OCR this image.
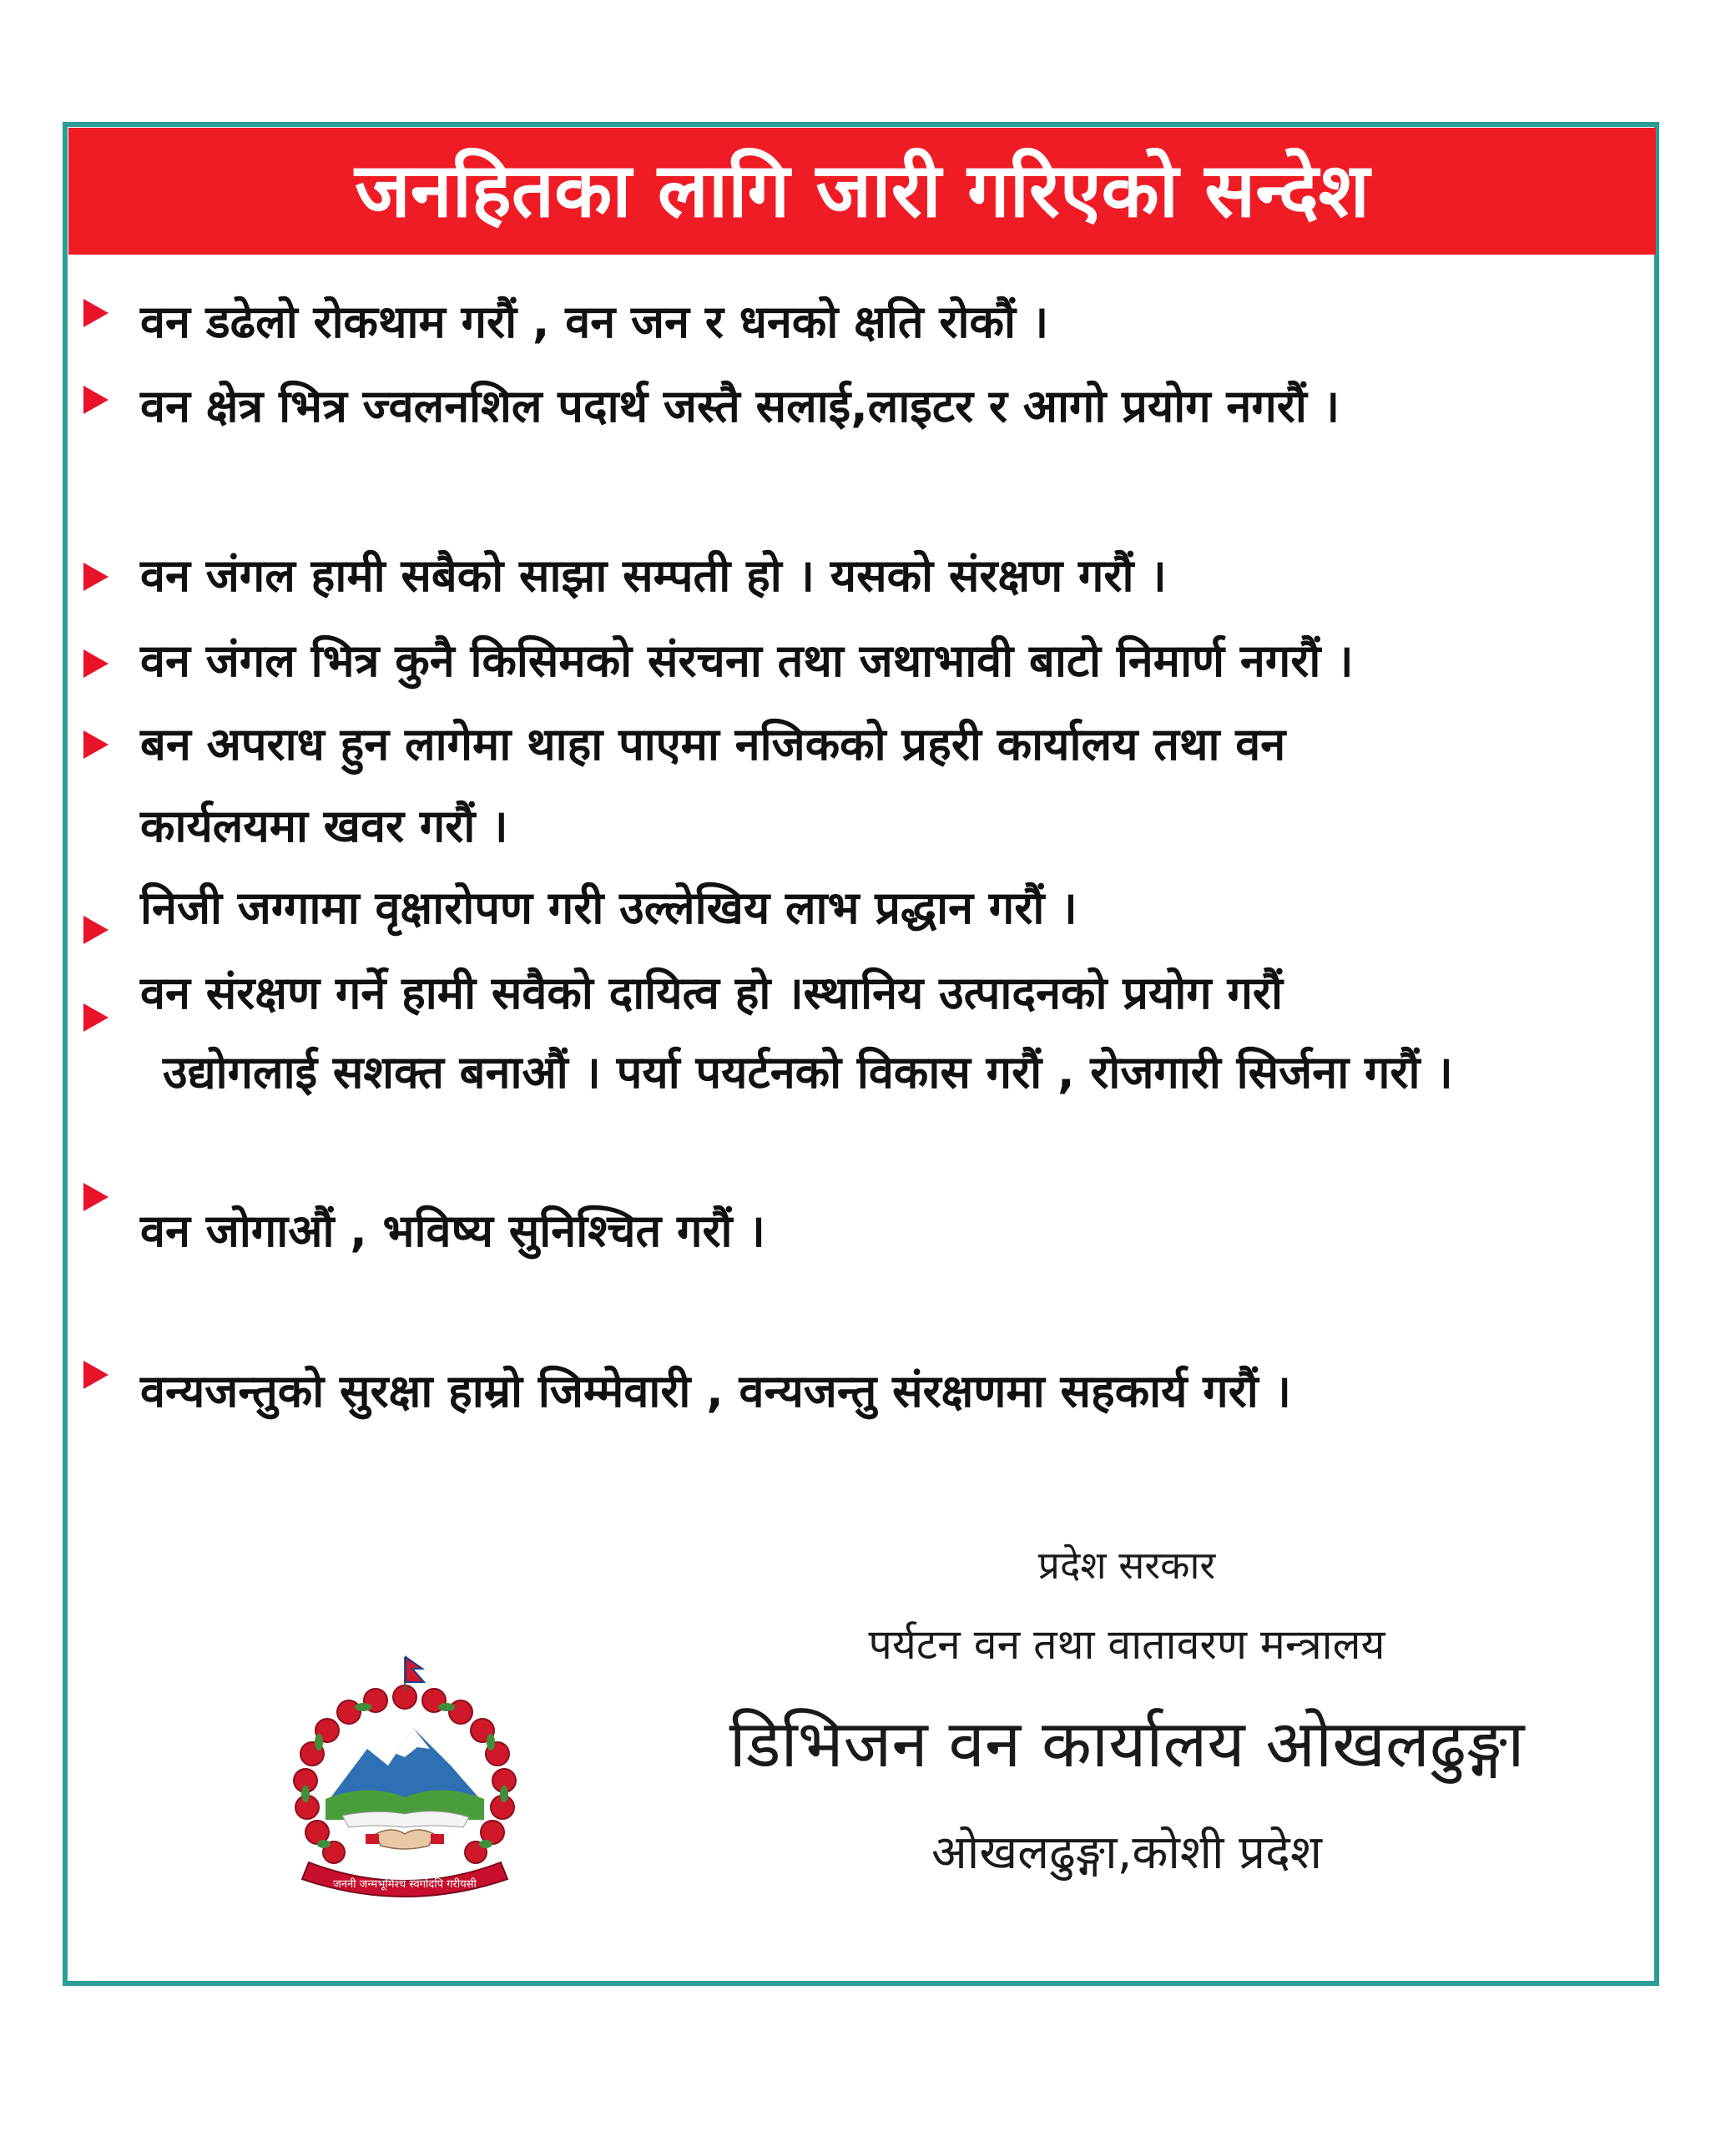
जनहितका लागि जारी गरिएको सन्देश
वन डढेलो रोकथाम गरौं , वन जन र धनको क्षति रोकौं ।
वन क्षेत्र भित्र ज्वलनशिल पदार्थ जस्तै सलाई,लाइटर र आगो प्रयोग नगरौं ।
वन जंगल हामी सबैको साझा सम्पती हो । यसको संरक्षण गरौं ।
वन जंगल भित्र कुनै किसिमको संरचना तथा जथाभावी बाटो निमार्ण नगरौं ।
बन अपराध हुन लागेमा थाहा पाएमा नजिकको प्रहरी कार्यालय तथा वन
कार्यलयमा खवर गरौं ।
निजी जग्गामा वृक्षारोपण गरी उल्लेखिय लाभ प्रद्धान गरौं ।
वन संरक्षण गर्ने हामी सवैको दायित्व हो ।स्थानिय उत्पादनको प्रयोग गरौं
उद्योगलाई सशक्त बनाऔं । पर्या पयर्टनको विकास गरौं , रोजगारी सिर्जना गरौं ।
वन जोगाऔं , भविष्य सुनिश्चित गरौं ।
वन्यजन्तुको सुरक्षा हाम्रो जिम्मेवारी , वन्यजन्तु संरक्षणमा सहकार्य गरौं ।
प्रदेश सरकार
पर्यटन वन तथा वातावरण मन्त्रालय
डिभिजन वन कार्यालय ओखलढुङ्गा
ओखलढुङ्गा,कोशी प्रदेश
जननी जन्मभूमिश्च स्वर्गादपि गरीयसी
